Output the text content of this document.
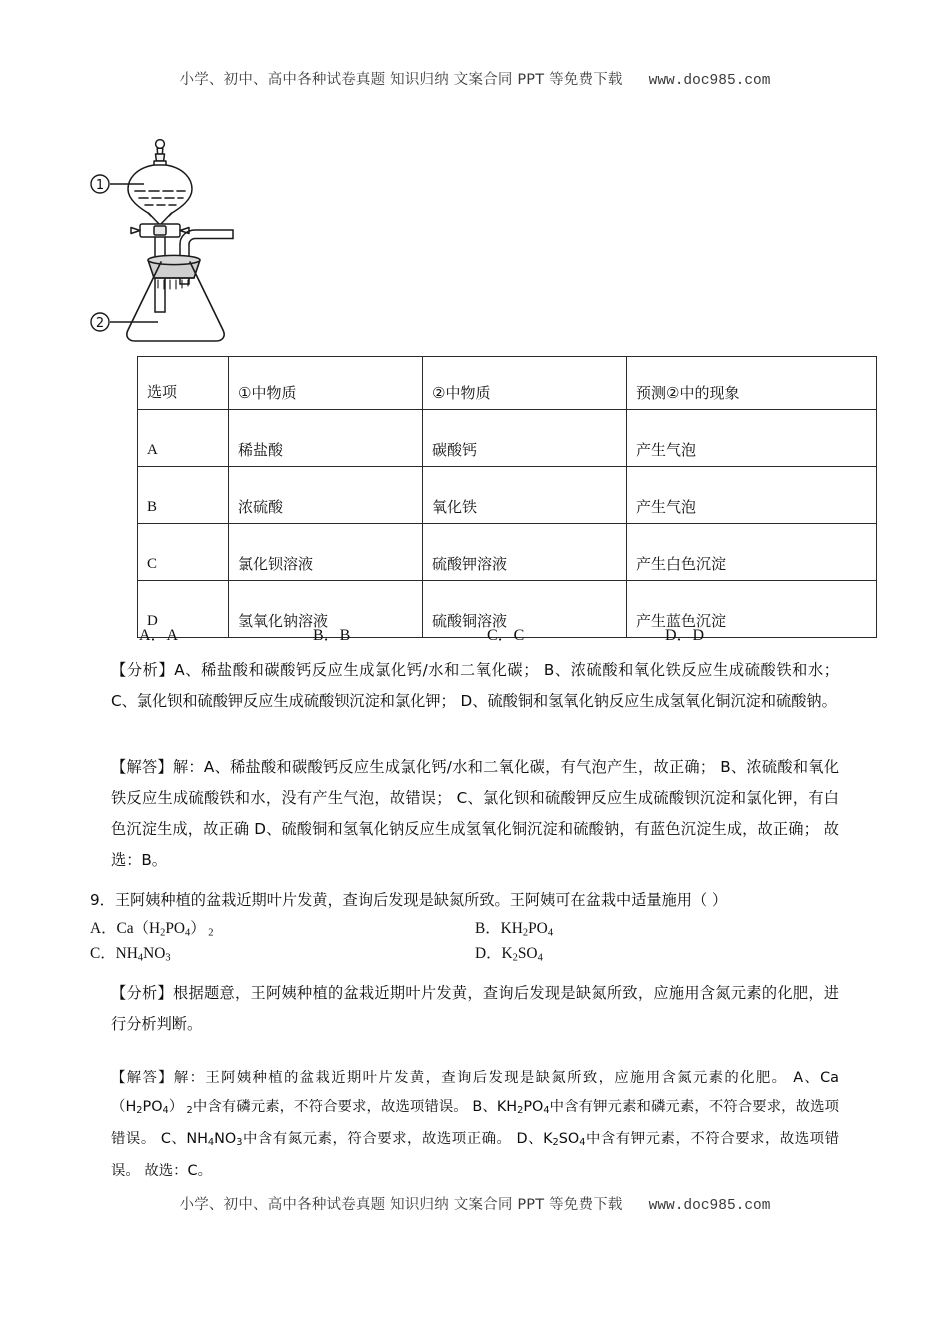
小学、初中、高中各种试卷真题 知识归纳 文案合同 PPT 等免费下载 www.doc985.com
1
2
选项	①中物质	②中物质	预测②中的现象
A	稀盐酸	碳酸钙	产生气泡
B	浓硫酸	氧化铁	产生气泡
C	氯化钡溶液	硫酸钾溶液	产生白色沉淀
D	氢氧化钠溶液	硫酸铜溶液	产生蓝色沉淀
A．A	B．B	C．C	D．D
【分析】A、稀盐酸和碳酸钙反应生成氯化钙/水和二氧化碳； B、浓硫酸和氧化铁反应生成硫酸铁和水； C、氯化钡和硫酸钾反应生成硫酸钡沉淀和氯化钾； D、硫酸铜和氢氧化钠反应生成氢氧化铜沉淀和硫酸钠。
【解答】解：A、稀盐酸和碳酸钙反应生成氯化钙/水和二氧化碳，有气泡产生，故正确； B、浓硫酸和氧化铁反应生成硫酸铁和水，没有产生气泡，故错误； C、氯化钡和硫酸钾反应生成硫酸钡沉淀和氯化钾，有白色沉淀生成，故正确 D、硫酸铜和氢氧化钠反应生成氢氧化铜沉淀和硫酸钠，有蓝色沉淀生成，故正确； 故选：B。
9．王阿姨种植的盆栽近期叶片发黄，查询后发现是缺氮所致。王阿姨可在盆栽中适量施用（ ）
A．$Ca(H_2PO_4)$ $_2$	B．$KH_2PO_4$
C．$NH_4NO_3$	D．$K_2SO_4$
【分析】根据题意，王阿姨种植的盆栽近期叶片发黄，查询后发现是缺氮所致，应施用含氮元素的化肥，进行分析判断。
【解答】解：王阿姨种植的盆栽近期叶片发黄，查询后发现是缺氮所致，应施用含氮元素的化肥。 A、$Ca(H_2PO_4)$ $_2$中含有磷元素，不符合要求，故选项错误。 B、$KH_2PO_4$中含有钾元素和磷元素，不符合要求，故选项错误。 C、$NH_4NO_3$中含有氮元素，符合要求，故选项正确。 D、$K_2SO_4$中含有钾元素，不符合要求，故选项错误。 故选：C。
小学、初中、高中各种试卷真题 知识归纳 文案合同 PPT 等免费下载 www.doc985.com
